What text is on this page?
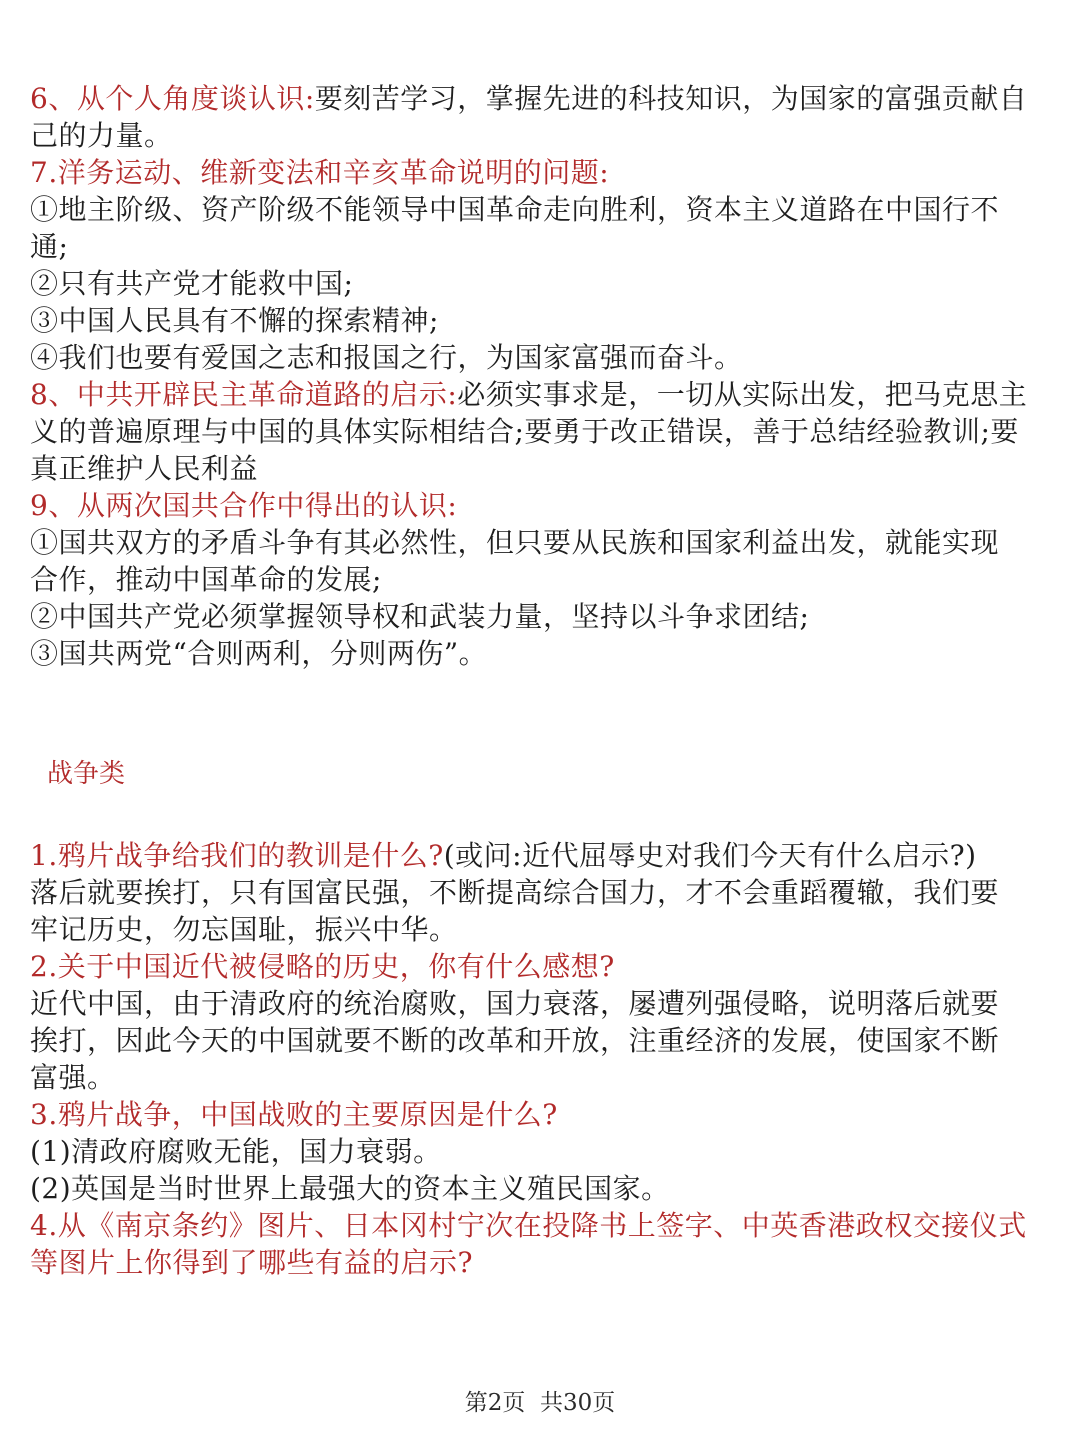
6、从个人角度谈认识:要刻苦学习，掌握先进的科技知识，为国家的富强贡献自

己的力量。

7.洋务运动、维新变法和辛亥革命说明的问题:

①地主阶级、资产阶级不能领导中国革命走向胜利，资本主义道路在中国行不

通;

②只有共产党才能救中国;

③中国人民具有不懈的探索精神;

④我们也要有爱国之志和报国之行，为国家富强而奋斗。

8、中共开辟民主革命道路的启示:必须实事求是，一切从实际出发，把马克思主

义的普遍原理与中国的具体实际相结合;要勇于改正错误，善于总结经验教训;要

真正维护人民利益

9、从两次国共合作中得出的认识:

①国共双方的矛盾斗争有其必然性，但只要从民族和国家利益出发，就能实现

合作，推动中国革命的发展;

②中国共产党必须掌握领导权和武装力量，坚持以斗争求团结;

③国共两党“合则两利，分则两伤”。

战争类

1.鸦片战争给我们的教训是什么?(或问:近代屈辱史对我们今天有什么启示?)

落后就要挨打，只有国富民强，不断提高综合国力，才不会重蹈覆辙，我们要

牢记历史，勿忘国耻，振兴中华。

2.关于中国近代被侵略的历史，你有什么感想?

近代中国，由于清政府的统治腐败，国力衰落，屡遭列强侵略，说明落后就要

挨打，因此今天的中国就要不断的改革和开放，注重经济的发展，使国家不断

富强。

3.鸦片战争，中国战败的主要原因是什么?

(1)清政府腐败无能，国力衰弱。

(2)英国是当时世界上最强大的资本主义殖民国家。

4.从《南京条约》图片、日本冈村宁次在投降书上签字、中英香港政权交接仪式

等图片上你得到了哪些有益的启示?

第2页  共30页
